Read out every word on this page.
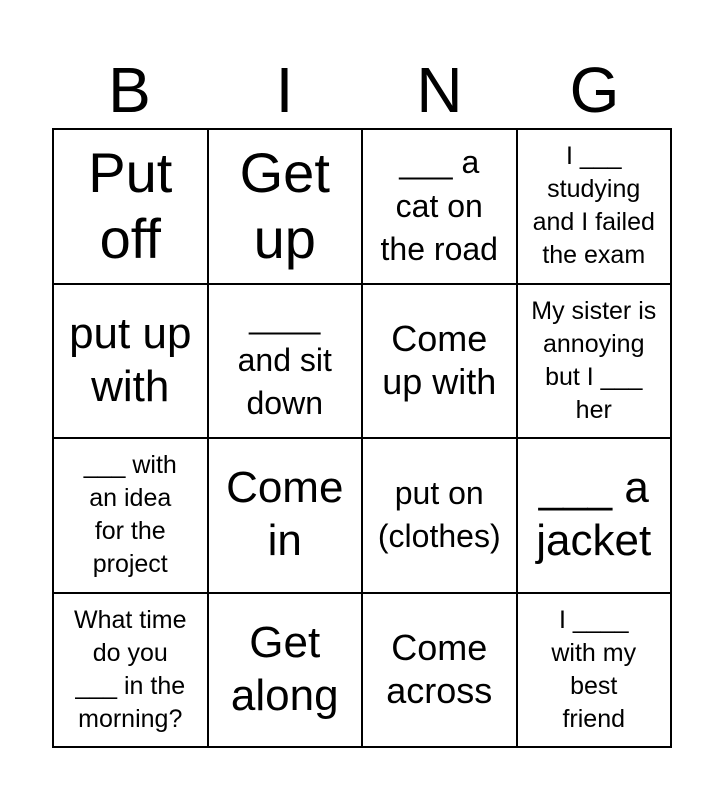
B	I	N	G
Put
off
Get
up
___ a
cat on
the road
I ___
studying
and I failed
the exam
put up
with
____
and sit
down
Come
up with
My sister is
annoying
but I ___
her
___ with
an idea
for the
project
Come
in
put on
(clothes)
___ a
jacket
What time
do you
___ in the
morning?
Get
along
Come
across
I ____
with my
best
friend
